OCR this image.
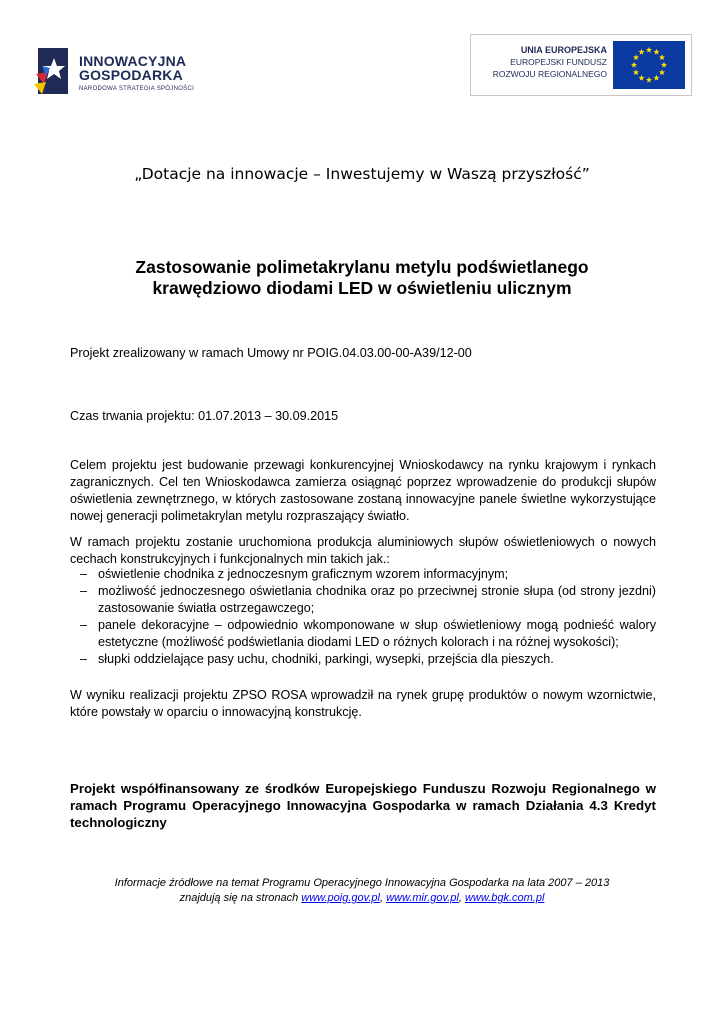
INNOWACYJNA
GOSPODARKA
NARODOWA STRATEGIA SPÓJNOŚCI
UNIA EUROPEJSKA
EUROPEJSKI FUNDUSZ
ROZWOJU REGIONALNEGO
„Dotacje na innowacje – Inwestujemy w Waszą przyszłość”
Zastosowanie polimetakrylanu metylu podświetlanego
krawędziowo diodami LED w oświetleniu ulicznym
Projekt zrealizowany w ramach Umowy nr POIG.04.03.00-00-A39/12-00
Czas trwania projektu: 01.07.2013 – 30.09.2015
Celem projektu jest budowanie przewagi konkurencyjnej Wnioskodawcy na rynku krajowym i rynkach zagranicznych. Cel ten Wnioskodawca zamierza osiągnąć poprzez wprowadzenie do produkcji słupów oświetlenia zewnętrznego, w których zastosowane zostaną innowacyjne panele świetlne wykorzystujące nowej generacji polimetakrylan metylu rozpraszający światło.
W ramach projektu zostanie uruchomiona produkcja aluminiowych słupów oświetleniowych o nowych cechach konstrukcyjnych i funkcjonalnych min takich jak.:
– oświetlenie chodnika z jednoczesnym graficznym wzorem informacyjnym;
– możliwość jednoczesnego oświetlania chodnika oraz po przeciwnej stronie słupa (od strony jezdni) zastosowanie światła ostrzegawczego;
– panele dekoracyjne – odpowiednio wkomponowane w słup oświetleniowy mogą podnieść walory estetyczne (możliwość podświetlania diodami LED o różnych kolorach i na różnej wysokości);
– słupki oddzielające pasy uchu, chodniki, parkingi, wysepki, przejścia dla pieszych.
W wyniku realizacji projektu ZPSO ROSA wprowadził na rynek grupę produktów o nowym wzornictwie, które powstały w oparciu o innowacyjną konstrukcję.
Projekt współfinansowany ze środków Europejskiego Funduszu Rozwoju Regionalnego w ramach Programu Operacyjnego Innowacyjna Gospodarka w ramach Działania 4.3 Kredyt technologiczny
Informacje źródłowe na temat Programu Operacyjnego Innowacyjna Gospodarka na lata 2007 – 2013
znajdują się na stronach www.poig.gov.pl, www.mir.gov.pl, www.bgk.com.pl
